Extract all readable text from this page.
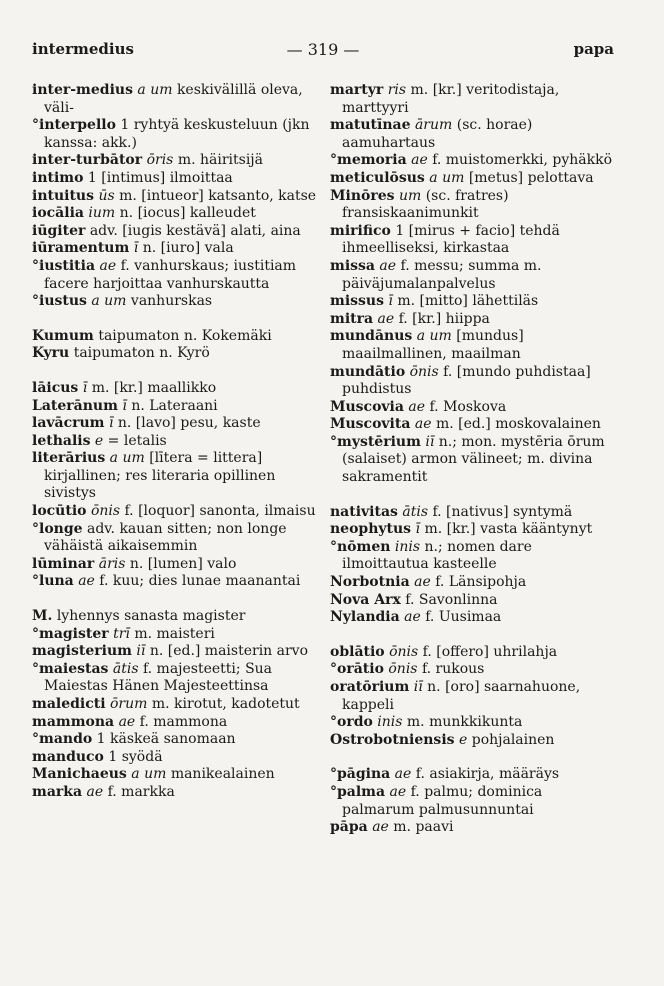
intermedius	— 319 —	papa

inter-medius a um keskivälillä oleva, väli-

°interpello 1 ryhtyä keskusteluun (jkn kanssa: akk.)

inter-turbātor ōris m. häiritsijä

intimo 1 [intimus] ilmoittaa

intuitus ūs m. [intueor] katsanto, katse

iocālia ium n. [iocus] kalleudet

iūgiter adv. [iugis kestävä] alati, aina

iūramentum ī n. [iuro] vala

°iustitia ae f. vanhurskaus; iustitiam facere harjoittaa vanhurskautta

°iustus a um vanhurskas

Kumum taipumaton n. Kokemäki

Kyru taipumaton n. Kyrö

lāicus ī m. [kr.] maallikko

Laterānum ī n. Lateraani

lavācrum ī n. [lavo] pesu, kaste

lethalis e = letalis

literārius a um [lītera = littera] kirjallinen; res literaria opillinen sivistys

locūtio ōnis f. [loquor] sanonta, ilmaisu

°longe adv. kauan sitten; non longe vähäistä aikaisemmin

lūminar āris n. [lumen] valo

°luna ae f. kuu; dies lunae maanantai

M. lyhennys sanasta magister

°magister trī m. maisteri

magisterium iī n. [ed.] maisterin arvo

°maiestas ātis f. majesteetti; Sua Maiestas Hänen Majesteettinsa

maledicti ōrum m. kirotut, kadotetut

mammona ae f. mammona

°mando 1 käskeä sanomaan

manduco 1 syödä

Manichaeus a um manikealainen

marka ae f. markka

martyr ris m. [kr.] veritodistaja, marttyyri

matutīnae ārum (sc. horae) aamuhartaus

°memoria ae f. muistomerkki, pyhäkkö

meticulōsus a um [metus] pelottava

Minōres um (sc. fratres) fransiskaanimunkit

mirifico 1 [mirus + facio] tehdä ihmeelliseksi, kirkastaa

missa ae f. messu; summa m. päiväjumalanpalvelus

missus ī m. [mitto] lähettiläs

mitra ae f. [kr.] hiippa

mundānus a um [mundus] maailmallinen, maailman

mundātio ōnis f. [mundo puhdistaa] puhdistus

Muscovia ae f. Moskova

Muscovita ae m. [ed.] moskovalainen

°mystērium iī n.; mon. mystēria ōrum (salaiset) armon välineet; m. divina sakramentit

nativitas ātis f. [nativus] syntymä

neophytus ī m. [kr.] vasta kääntynyt

°nōmen inis n.; nomen dare ilmoittautua kasteelle

Norbotnia ae f. Länsipohja

Nova Arx f. Savonlinna

Nylandia ae f. Uusimaa

oblātio ōnis f. [offero] uhrilahja

°orātio ōnis f. rukous

oratōrium iī n. [oro] saarnahuone, kappeli

°ordo inis m. munkkikunta

Ostrobotniensis e pohjalainen

°pāgina ae f. asiakirja, määräys

°palma ae f. palmu; dominica palmarum palmusunnuntai

pāpa ae m. paavi
